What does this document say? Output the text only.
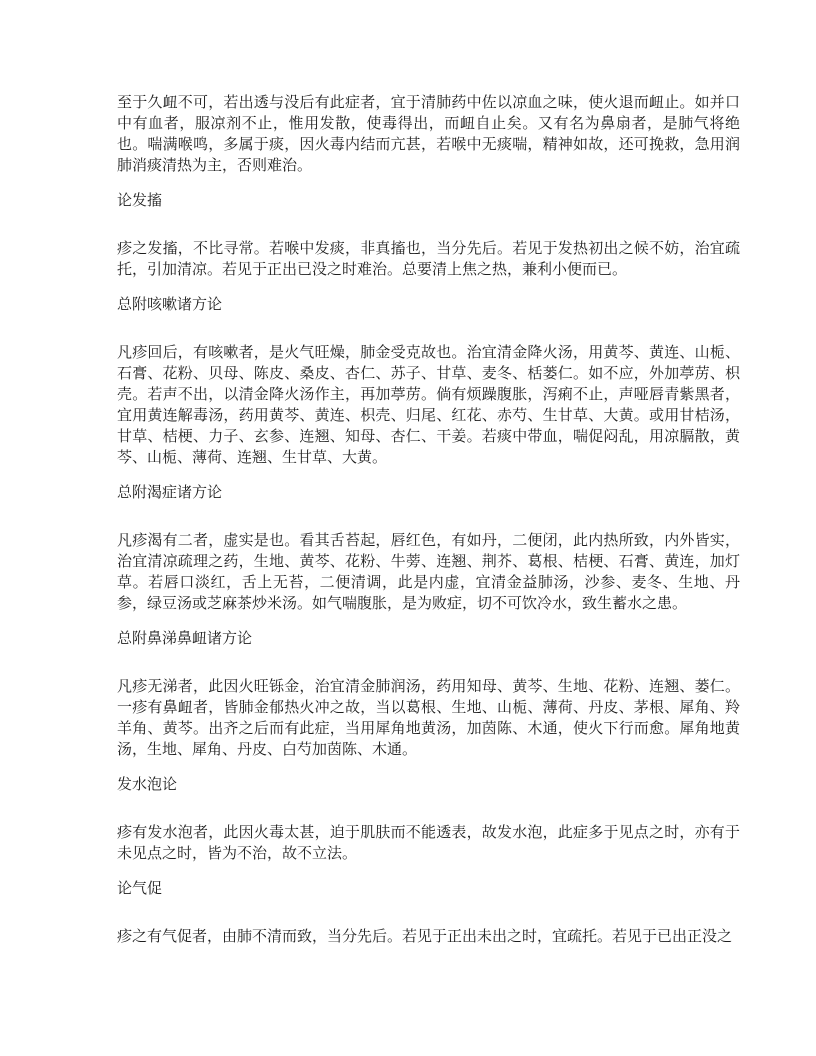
至于久衄不可，若出透与没后有此症者，宜于清肺药中佐以凉血之味，使火退而衄止。如并口中有血者，服凉剂不止，惟用发散，使毒得出，而衄自止矣。又有名为鼻扇者，是肺气将绝也。喘满喉鸣，多属于痰，因火毒内结而亢甚，若喉中无痰喘，精神如故，还可挽救，急用润肺消痰清热为主，否则难治。

论发搐

疹之发搐，不比寻常。若喉中发痰，非真搐也，当分先后。若见于发热初出之候不妨，治宜疏托，引加清凉。若见于正出已没之时难治。总要清上焦之热，兼利小便而已。

总附咳嗽诸方论

凡疹回后，有咳嗽者，是火气旺燥，肺金受克故也。治宜清金降火汤，用黄芩、黄连、山栀、石膏、花粉、贝母、陈皮、桑皮、杏仁、苏子、甘草、麦冬、栝蒌仁。如不应，外加葶苈、枳壳。若声不出，以清金降火汤作主，再加葶苈。倘有烦躁腹胀，泻痢不止，声哑唇青紫黑者，宜用黄连解毒汤，药用黄芩、黄连、枳壳、归尾、红花、赤芍、生甘草、大黄。或用甘桔汤，甘草、桔梗、力子、玄参、连翘、知母、杏仁、干姜。若痰中带血，喘促闷乱，用凉膈散，黄芩、山栀、薄荷、连翘、生甘草、大黄。

总附渴症诸方论

凡疹渴有二者，虚实是也。看其舌苔起，唇红色，有如丹，二便闭，此内热所致，内外皆实，治宜清凉疏理之药，生地、黄芩、花粉、牛蒡、连翘、荆芥、葛根、桔梗、石膏、黄连，加灯草。若唇口淡红，舌上无苔，二便清调，此是内虚，宜清金益肺汤，沙参、麦冬、生地、丹参，绿豆汤或芝麻茶炒米汤。如气喘腹胀，是为败症，切不可饮冷水，致生蓄水之患。

总附鼻涕鼻衄诸方论

凡疹无涕者，此因火旺铄金，治宜清金肺润汤，药用知母、黄芩、生地、花粉、连翘、蒌仁。一疹有鼻衄者，皆肺金郁热火冲之故，当以葛根、生地、山栀、薄荷、丹皮、茅根、犀角、羚羊角、黄芩。出齐之后而有此症，当用犀角地黄汤，加茵陈、木通，使火下行而愈。犀角地黄汤，生地、犀角、丹皮、白芍加茵陈、木通。

发水泡论

疹有发水泡者，此因火毒太甚，迫于肌肤而不能透表，故发水泡，此症多于见点之时，亦有于未见点之时，皆为不治，故不立法。

论气促

疹之有气促者，由肺不清而致，当分先后。若见于正出未出之时，宜疏托。若见于已出正没之
